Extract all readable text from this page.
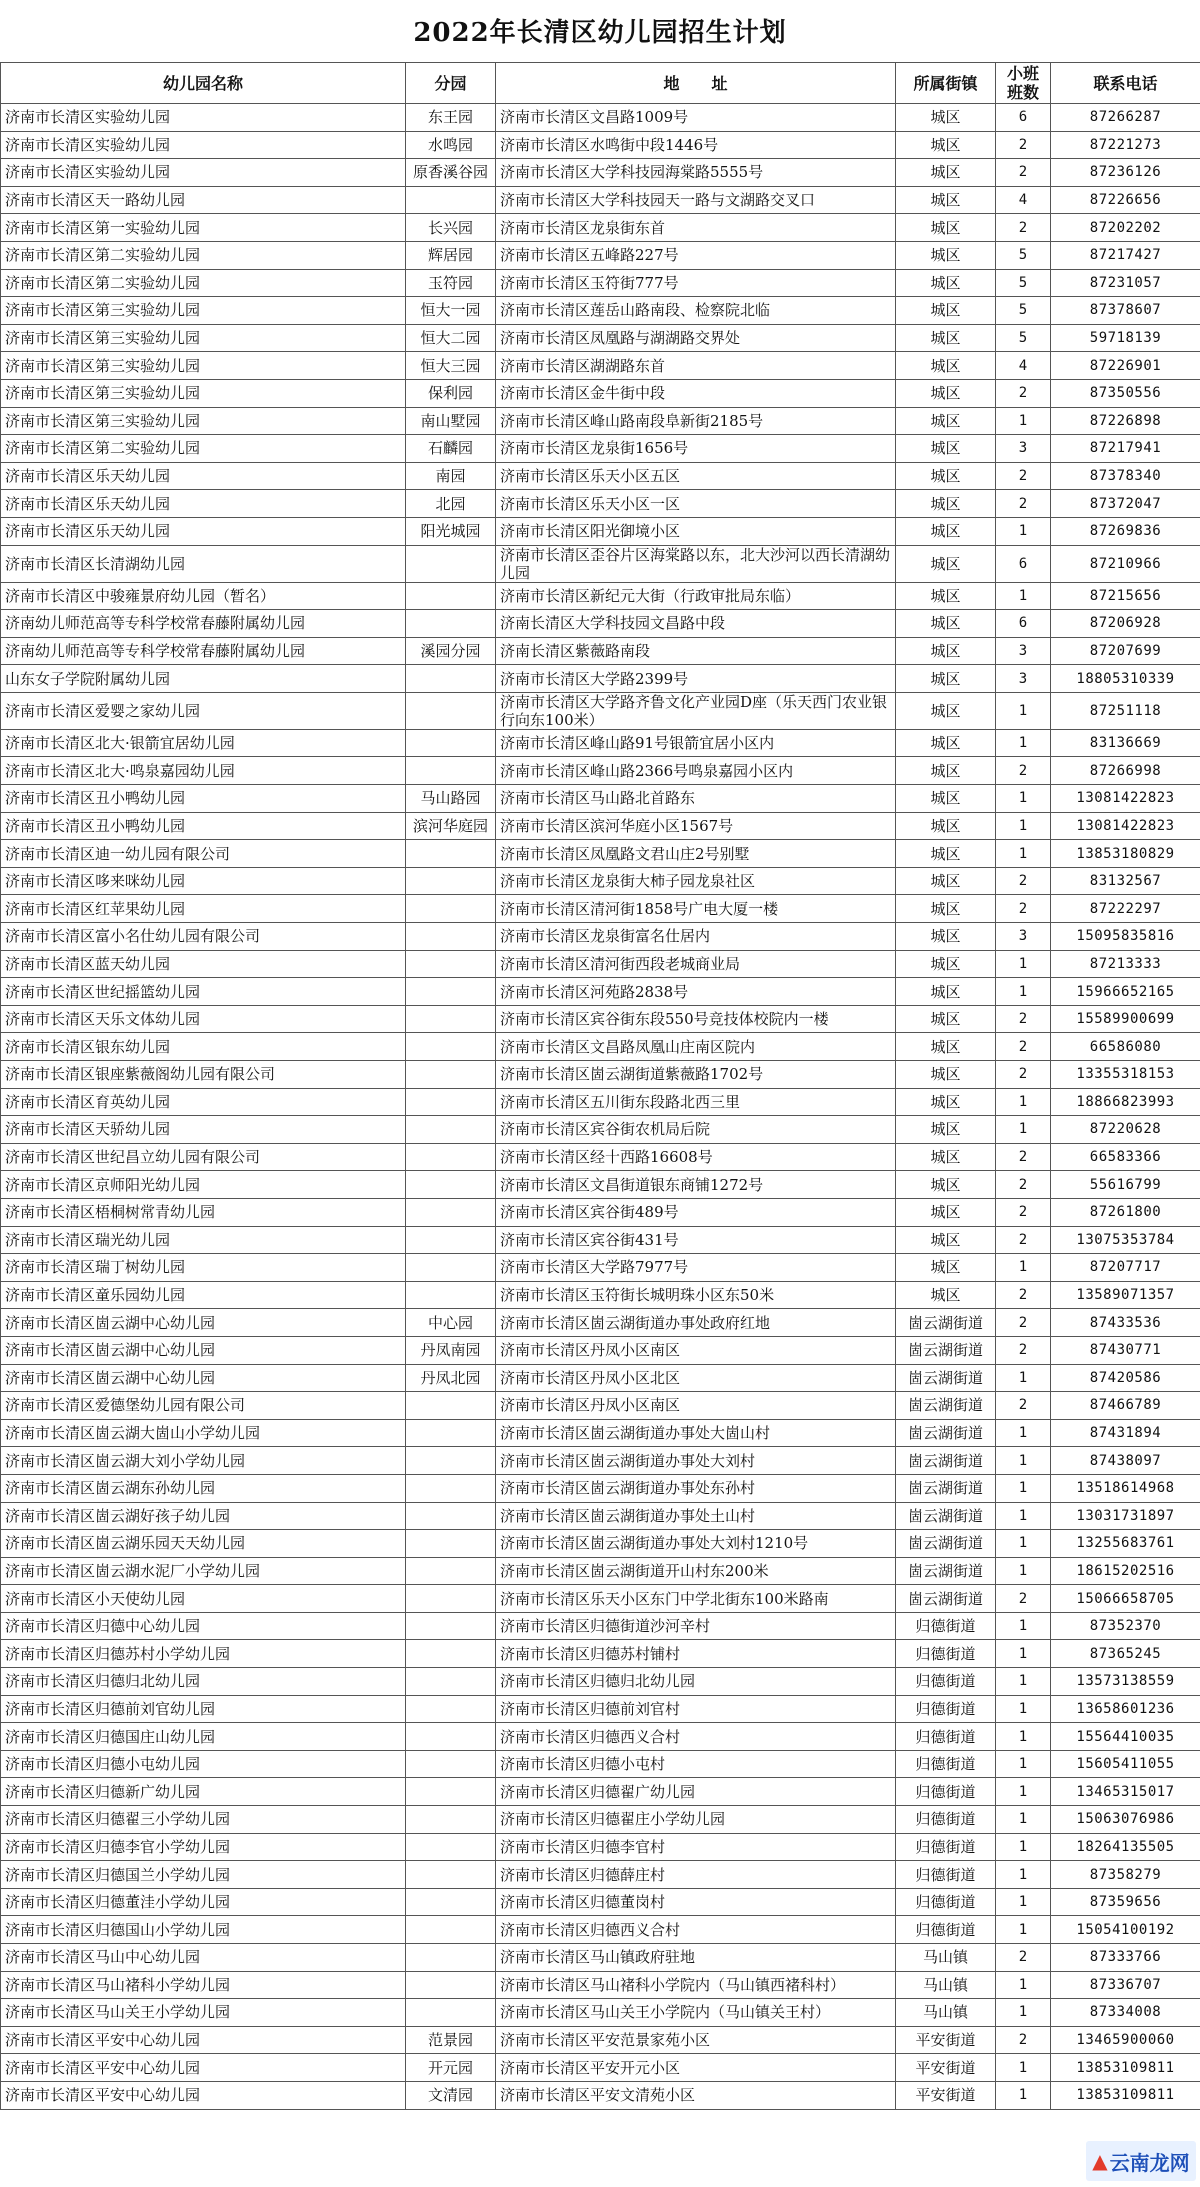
2022年长清区幼儿园招生计划
幼儿园名称	分园	地　　址	所属街镇	小班班数	联系电话
济南市长清区实验幼儿园	东王园	济南市长清区文昌路1009号	城区	6	87266287
济南市长清区实验幼儿园	水鸣园	济南市长清区水鸣街中段1446号	城区	2	87221273
济南市长清区实验幼儿园	原香溪谷园	济南市长清区大学科技园海棠路5555号	城区	2	87236126
济南市长清区天一路幼儿园		济南市长清区大学科技园天一路与文湖路交叉口	城区	4	87226656
济南市长清区第一实验幼儿园	长兴园	济南市长清区龙泉街东首	城区	2	87202202
济南市长清区第二实验幼儿园	辉居园	济南市长清区五峰路227号	城区	5	87217427
济南市长清区第二实验幼儿园	玉符园	济南市长清区玉符街777号	城区	5	87231057
济南市长清区第三实验幼儿园	恒大一园	济南市长清区莲岳山路南段、检察院北临	城区	5	87378607
济南市长清区第三实验幼儿园	恒大二园	济南市长清区凤凰路与湖湖路交界处	城区	5	59718139
济南市长清区第三实验幼儿园	恒大三园	济南市长清区湖湖路东首	城区	4	87226901
济南市长清区第三实验幼儿园	保利园	济南市长清区金牛街中段	城区	2	87350556
济南市长清区第三实验幼儿园	南山墅园	济南市长清区峰山路南段阜新街2185号	城区	1	87226898
济南市长清区第二实验幼儿园	石麟园	济南市长清区龙泉街1656号	城区	3	87217941
济南市长清区乐天幼儿园	南园	济南市长清区乐天小区五区	城区	2	87378340
济南市长清区乐天幼儿园	北园	济南市长清区乐天小区一区	城区	2	87372047
济南市长清区乐天幼儿园	阳光城园	济南市长清区阳光御境小区	城区	1	87269836
济南市长清区长清湖幼儿园		济南市长清区歪谷片区海棠路以东，北大沙河以西长清湖幼儿园	城区	6	87210966
济南市长清区中骏雍景府幼儿园（暂名）		济南市长清区新纪元大街（行政审批局东临）	城区	1	87215656
济南幼儿师范高等专科学校常春藤附属幼儿园		济南长清区大学科技园文昌路中段	城区	6	87206928
济南幼儿师范高等专科学校常春藤附属幼儿园	溪园分园	济南长清区紫薇路南段	城区	3	87207699
山东女子学院附属幼儿园		济南市长清区大学路2399号	城区	3	18805310339
济南市长清区爱婴之家幼儿园		济南市长清区大学路齐鲁文化产业园D座（乐天西门农业银行向东100米）	城区	1	87251118
济南市长清区北大·银箭宜居幼儿园		济南市长清区峰山路91号银箭宜居小区内	城区	1	83136669
济南市长清区北大·鸣泉嘉园幼儿园		济南市长清区峰山路2366号鸣泉嘉园小区内	城区	2	87266998
济南市长清区丑小鸭幼儿园	马山路园	济南市长清区马山路北首路东	城区	1	13081422823
济南市长清区丑小鸭幼儿园	滨河华庭园	济南市长清区滨河华庭小区1567号	城区	1	13081422823
济南市长清区迪一幼儿园有限公司		济南市长清区凤凰路文君山庄2号别墅	城区	1	13853180829
济南市长清区哆来咪幼儿园		济南市长清区龙泉街大柿子园龙泉社区	城区	2	83132567
济南市长清区红苹果幼儿园		济南市长清区清河街1858号广电大厦一楼	城区	2	87222297
济南市长清区富小名仕幼儿园有限公司		济南市长清区龙泉街富名仕居内	城区	3	15095835816
济南市长清区蓝天幼儿园		济南市长清区清河街西段老城商业局	城区	1	87213333
济南市长清区世纪摇篮幼儿园		济南市长清区河苑路2838号	城区	1	15966652165
济南市长清区天乐文体幼儿园		济南市长清区宾谷街东段550号竞技体校院内一楼	城区	2	15589900699
济南市长清区银东幼儿园		济南市长清区文昌路凤凰山庄南区院内	城区	2	66586080
济南市长清区银座紫薇阁幼儿园有限公司		济南市长清区崮云湖街道紫薇路1702号	城区	2	13355318153
济南市长清区育英幼儿园		济南市长清区五川街东段路北西三里	城区	1	18866823993
济南市长清区天骄幼儿园		济南市长清区宾谷街农机局后院	城区	1	87220628
济南市长清区世纪昌立幼儿园有限公司		济南市长清区经十西路16608号	城区	2	66583366
济南市长清区京师阳光幼儿园		济南市长清区文昌街道银东商铺1272号	城区	2	55616799
济南市长清区梧桐树常青幼儿园		济南市长清区宾谷街489号	城区	2	87261800
济南市长清区瑞光幼儿园		济南市长清区宾谷街431号	城区	2	13075353784
济南市长清区瑞丁树幼儿园		济南市长清区大学路7977号	城区	1	87207717
济南市长清区童乐园幼儿园		济南市长清区玉符街长城明珠小区东50米	城区	2	13589071357
济南市长清区崮云湖中心幼儿园	中心园	济南市长清区崮云湖街道办事处政府红地	崮云湖街道	2	87433536
济南市长清区崮云湖中心幼儿园	丹凤南园	济南市长清区丹凤小区南区	崮云湖街道	2	87430771
济南市长清区崮云湖中心幼儿园	丹凤北园	济南市长清区丹凤小区北区	崮云湖街道	1	87420586
济南市长清区爱德堡幼儿园有限公司		济南市长清区丹凤小区南区	崮云湖街道	2	87466789
济南市长清区崮云湖大崮山小学幼儿园		济南市长清区崮云湖街道办事处大崮山村	崮云湖街道	1	87431894
济南市长清区崮云湖大刘小学幼儿园		济南市长清区崮云湖街道办事处大刘村	崮云湖街道	1	87438097
济南市长清区崮云湖东孙幼儿园		济南市长清区崮云湖街道办事处东孙村	崮云湖街道	1	13518614968
济南市长清区崮云湖好孩子幼儿园		济南市长清区崮云湖街道办事处土山村	崮云湖街道	1	13031731897
济南市长清区崮云湖乐园天天幼儿园		济南市长清区崮云湖街道办事处大刘村1210号	崮云湖街道	1	13255683761
济南市长清区崮云湖水泥厂小学幼儿园		济南市长清区崮云湖街道开山村东200米	崮云湖街道	1	18615202516
济南市长清区小天使幼儿园		济南市长清区乐天小区东门中学北街东100米路南	崮云湖街道	2	15066658705
济南市长清区归德中心幼儿园		济南市长清区归德街道沙河辛村	归德街道	1	87352370
济南市长清区归德苏村小学幼儿园		济南市长清区归德苏村铺村	归德街道	1	87365245
济南市长清区归德归北幼儿园		济南市长清区归德归北幼儿园	归德街道	1	13573138559
济南市长清区归德前刘官幼儿园		济南市长清区归德前刘官村	归德街道	1	13658601236
济南市长清区归德国庄山幼儿园		济南市长清区归德西义合村	归德街道	1	15564410035
济南市长清区归德小屯幼儿园		济南市长清区归德小屯村	归德街道	1	15605411055
济南市长清区归德新广幼儿园		济南市长清区归德翟广幼儿园	归德街道	1	13465315017
济南市长清区归德翟三小学幼儿园		济南市长清区归德翟庄小学幼儿园	归德街道	1	15063076986
济南市长清区归德李官小学幼儿园		济南市长清区归德李官村	归德街道	1	18264135505
济南市长清区归德国兰小学幼儿园		济南市长清区归德薛庄村	归德街道	1	87358279
济南市长清区归德董洼小学幼儿园		济南市长清区归德董岗村	归德街道	1	87359656
济南市长清区归德国山小学幼儿园		济南市长清区归德西义合村	归德街道	1	15054100192
济南市长清区马山中心幼儿园		济南市长清区马山镇政府驻地	马山镇	2	87333766
济南市长清区马山褚科小学幼儿园		济南市长清区马山褚科小学院内（马山镇西褚科村）	马山镇	1	87336707
济南市长清区马山关王小学幼儿园		济南市长清区马山关王小学院内（马山镇关王村）	马山镇	1	87334008
济南市长清区平安中心幼儿园	范景园	济南市长清区平安范景家苑小区	平安街道	2	13465900060
济南市长清区平安中心幼儿园	开元园	济南市长清区平安开元小区	平安街道	1	13853109811
济南市长清区平安中心幼儿园	文清园	济南市长清区平安文清苑小区	平安街道	1	13853109811
▲ 云南龙网
